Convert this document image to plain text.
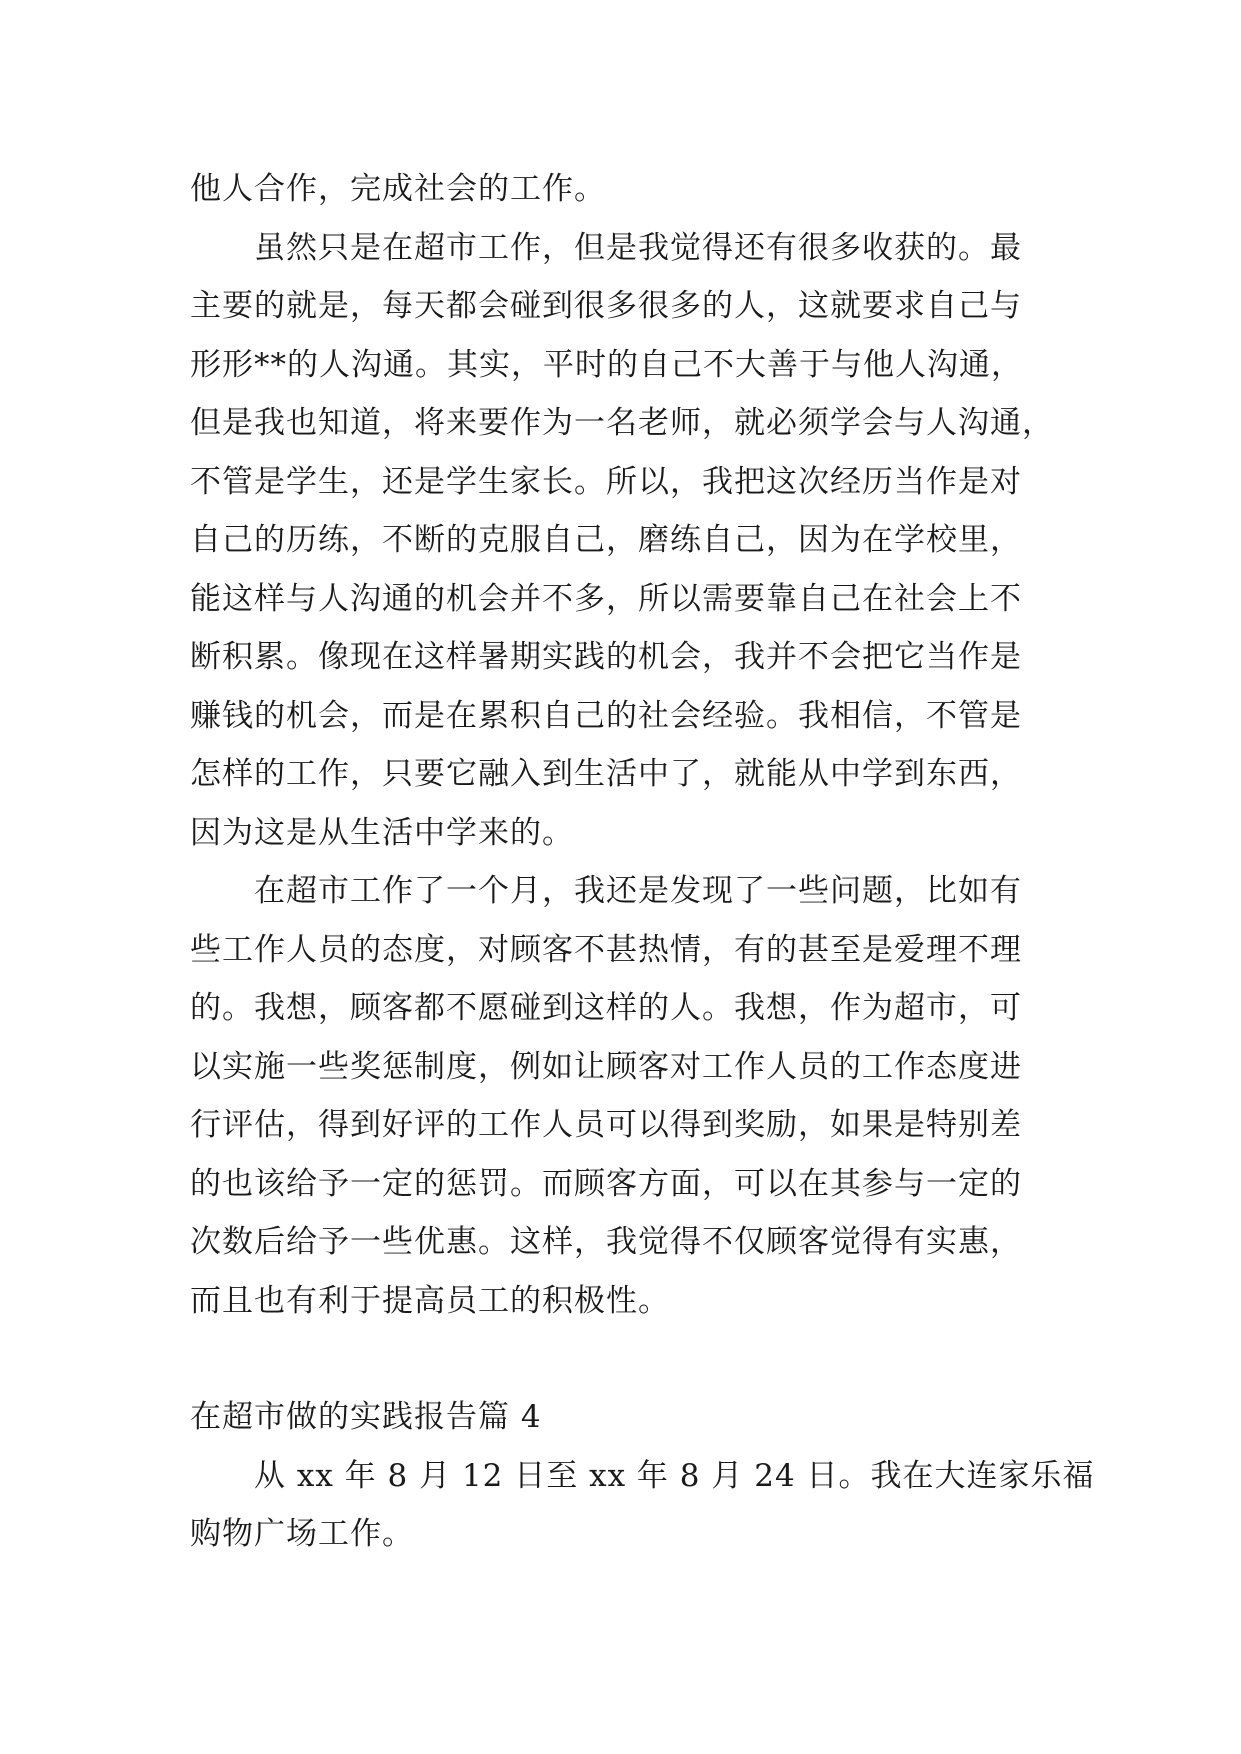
他人合作，完成社会的工作。
虽然只是在超市工作，但是我觉得还有很多收获的。最
主要的就是，每天都会碰到很多很多的人，这就要求自己与
形形**的人沟通。其实，平时的自己不大善于与他人沟通，
但是我也知道，将来要作为一名老师，就必须学会与人沟通，
不管是学生，还是学生家长。所以，我把这次经历当作是对
自己的历练，不断的克服自己，磨练自己，因为在学校里，
能这样与人沟通的机会并不多，所以需要靠自己在社会上不
断积累。像现在这样暑期实践的机会，我并不会把它当作是
赚钱的机会，而是在累积自己的社会经验。我相信，不管是
怎样的工作，只要它融入到生活中了，就能从中学到东西，
因为这是从生活中学来的。
在超市工作了一个月，我还是发现了一些问题，比如有
些工作人员的态度，对顾客不甚热情，有的甚至是爱理不理
的。我想，顾客都不愿碰到这样的人。我想，作为超市，可
以实施一些奖惩制度，例如让顾客对工作人员的工作态度进
行评估，得到好评的工作人员可以得到奖励，如果是特别差
的也该给予一定的惩罚。而顾客方面，可以在其参与一定的
次数后给予一些优惠。这样，我觉得不仅顾客觉得有实惠，
而且也有利于提高员工的积极性。
在超市做的实践报告篇 4
从 xx 年 8 月 12 日至 xx 年 8 月 24 日。我在大连家乐福
购物广场工作。
